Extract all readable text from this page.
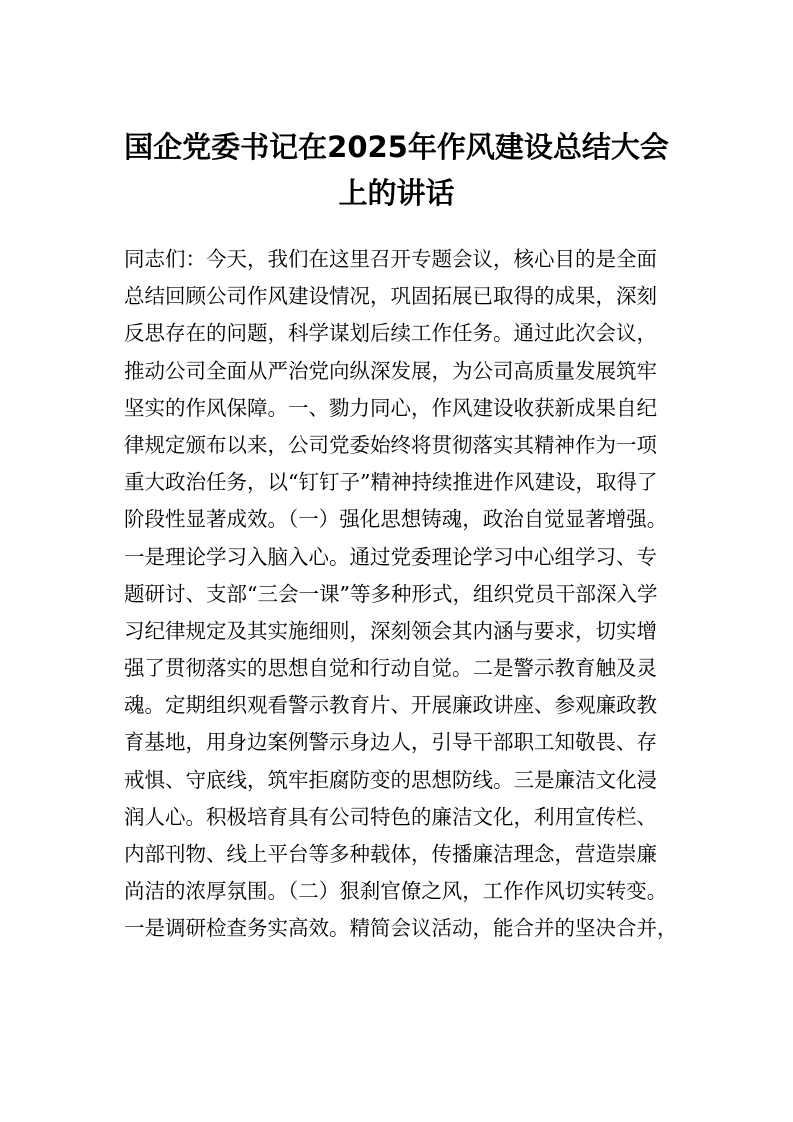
国企党委书记在2025年作风建设总结大会
上的讲话
同志们：今天，我们在这里召开专题会议，核心目的是全面
总结回顾公司作风建设情况，巩固拓展已取得的成果，深刻
反思存在的问题，科学谋划后续工作任务。通过此次会议，
推动公司全面从严治党向纵深发展，为公司高质量发展筑牢
坚实的作风保障。一、勠力同心，作风建设收获新成果自纪
律规定颁布以来，公司党委始终将贯彻落实其精神作为一项
重大政治任务，以“钉钉子”精神持续推进作风建设，取得了
阶段性显著成效。（一）强化思想铸魂，政治自觉显著增强。
一是理论学习入脑入心。通过党委理论学习中心组学习、专
题研讨、支部“三会一课”等多种形式，组织党员干部深入学
习纪律规定及其实施细则，深刻领会其内涵与要求，切实增
强了贯彻落实的思想自觉和行动自觉。二是警示教育触及灵
魂。定期组织观看警示教育片、开展廉政讲座、参观廉政教
育基地，用身边案例警示身边人，引导干部职工知敬畏、存
戒惧、守底线，筑牢拒腐防变的思想防线。三是廉洁文化浸
润人心。积极培育具有公司特色的廉洁文化，利用宣传栏、
内部刊物、线上平台等多种载体，传播廉洁理念，营造崇廉
尚洁的浓厚氛围。（二）狠刹官僚之风，工作作风切实转变。
一是调研检查务实高效。精简会议活动，能合并的坚决合并，
